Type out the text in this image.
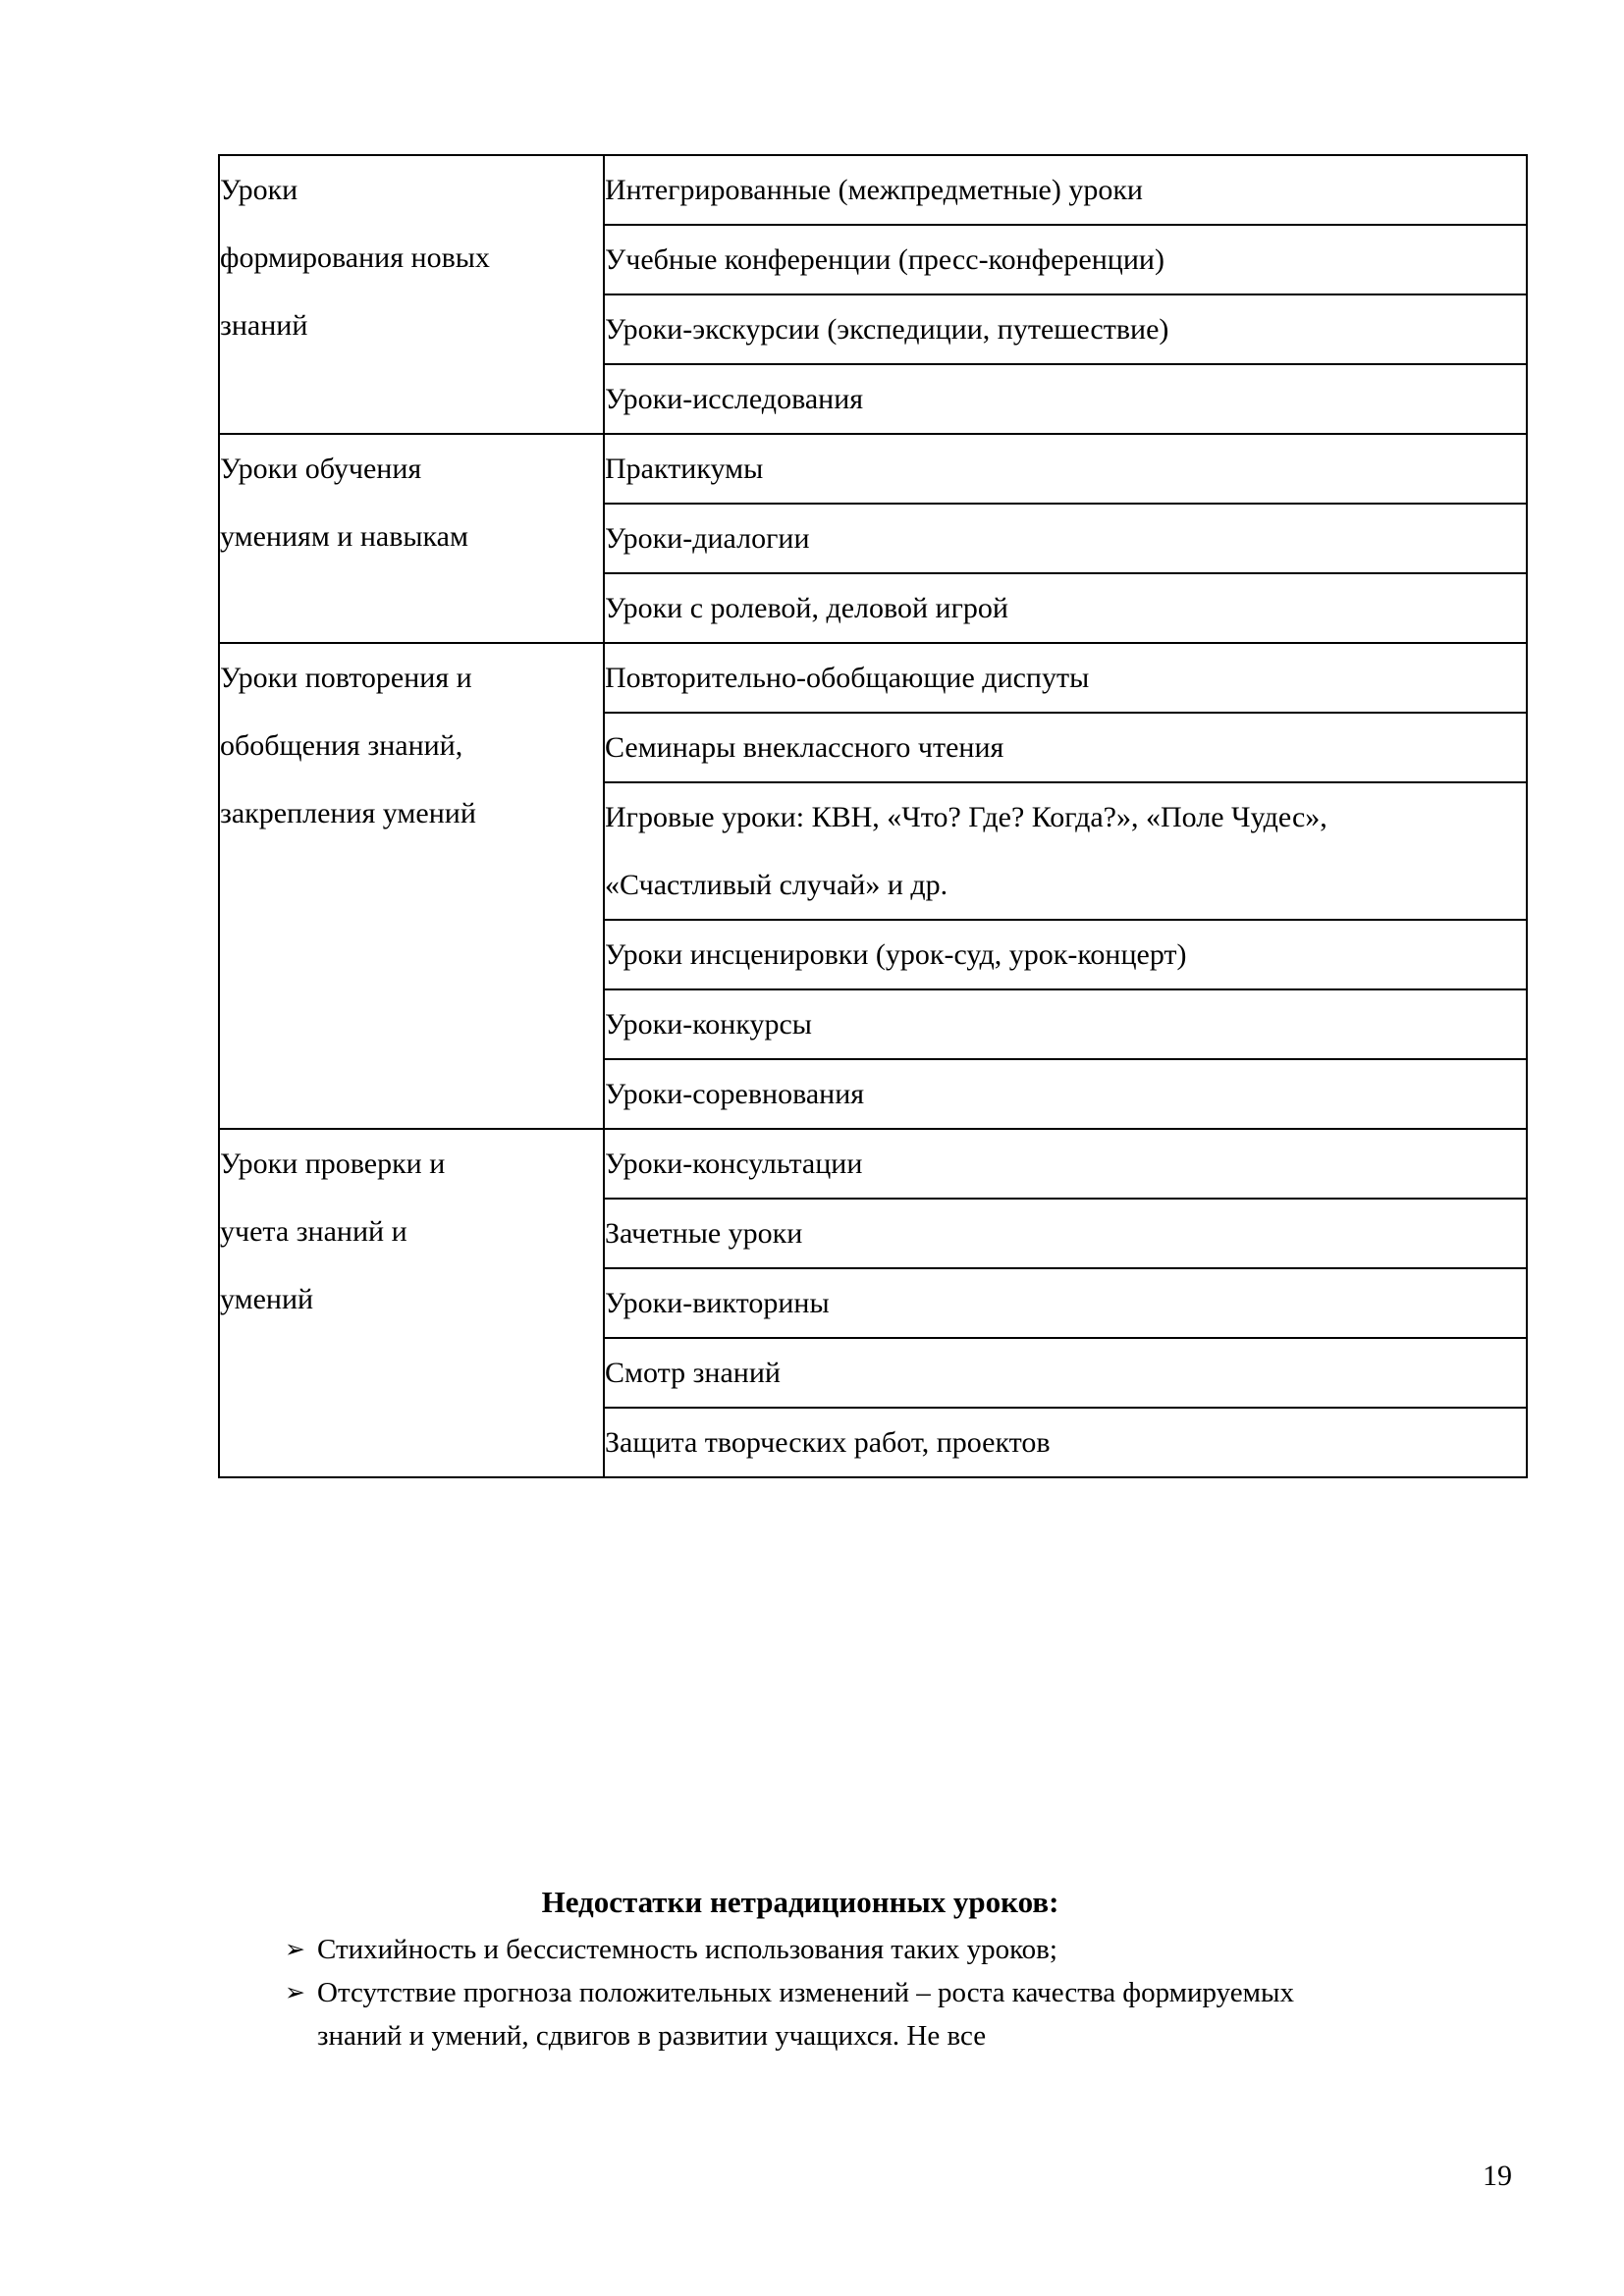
Уроки
формирования новых
знаний	Интегрированные (межпредметные) уроки
	Учебные конференции (пресс-конференции)
	Уроки-экскурсии (экспедиции, путешествие)
	Уроки-исследования

Уроки обучения
умениям и навыкам	Практикумы
	Уроки-диалогии
	Уроки с ролевой, деловой игрой

Уроки повторения и
обобщения знаний,
закрепления умений	Повторительно-обобщающие диспуты
	Семинары внеклассного чтения
	Игровые уроки: КВН, «Что? Где? Когда?», «Поле Чудес», «Счастливый случай» и др.
	Уроки инсценировки (урок-суд, урок-концерт)
	Уроки-конкурсы
	Уроки-соревнования

Уроки проверки и
учета знаний и
умений	Уроки-консультации
	Зачетные уроки
	Уроки-викторины
	Смотр знаний
	Защита творческих работ, проектов
Недостатки нетрадиционных уроков:
➢ Стихийность и бессистемность использования таких уроков;
➢ Отсутствие прогноза положительных изменений – роста качества формируемых знаний и умений, сдвигов в развитии учащихся. Не все
19
